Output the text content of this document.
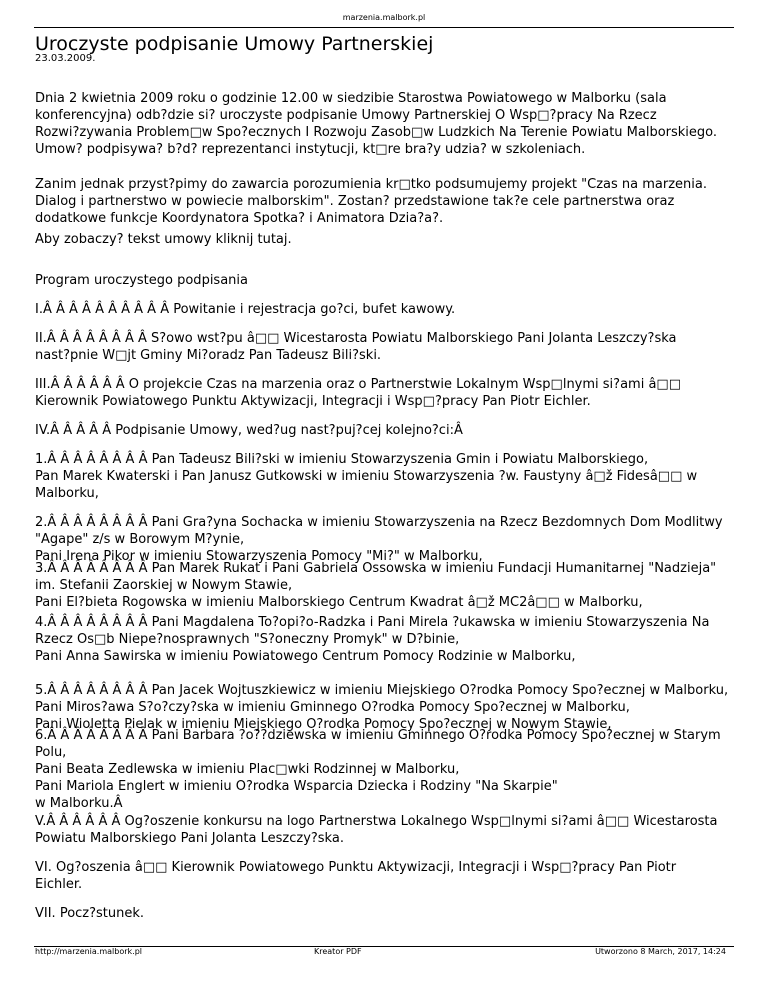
marzenia.malbork.pl
Uroczyste podpisanie Umowy Partnerskiej
23.03.2009.

Dnia 2 kwietnia 2009 roku o godzinie 12.00 w siedzibie Starostwa Powiatowego w Malborku (sala
konferencyjna) odb?dzie si? uroczyste podpisanie Umowy Partnerskiej O Wsp□?pracy Na Rzecz
Rozwi?zywania Problem□w Spo?ecznych I Rozwoju Zasob□w Ludzkich Na Terenie Powiatu Malborskiego.
Umow? podpisywa? b?d? reprezentanci instytucji, kt□re bra?y udzia? w szkoleniach.

Zanim jednak przyst?pimy do zawarcia porozumienia kr□tko podsumujemy projekt "Czas na marzenia.
Dialog i partnerstwo w powiecie malborskim". Zostan? przedstawione tak?e cele partnerstwa oraz
dodatkowe funkcje Koordynatora Spotka? i Animatora Dzia?a?.

Aby zobaczy? tekst umowy kliknij tutaj.

Program uroczystego podpisania

I.Â Â Â Â Â Â Â Â Â Â Powitanie i rejestracja go?ci, bufet kawowy.

II.Â Â Â Â Â Â Â Â S?owo wst?pu â□□ Wicestarosta Powiatu Malborskiego Pani Jolanta Leszczy?ska
nast?pnie W□jt Gminy Mi?oradz Pan Tadeusz Bili?ski.

III.Â Â Â Â Â Â O projekcie Czas na marzenia oraz o Partnerstwie Lokalnym Wsp□lnymi si?ami â□□
Kierownik Powiatowego Punktu Aktywizacji, Integracji i Wsp□?pracy Pan Piotr Eichler.

IV.Â Â Â Â Â Podpisanie Umowy, wed?ug nast?puj?cej kolejno?ci:Â

1.Â Â Â Â Â Â Â Â Pan Tadeusz Bili?ski w imieniu Stowarzyszenia Gmin i Powiatu Malborskiego,
Pan Marek Kwaterski i Pan Janusz Gutkowski w imieniu Stowarzyszenia ?w. Faustyny â□ž Fidesâ□□ w
Malborku,

2.Â Â Â Â Â Â Â Â Pani Gra?yna Sochacka w imieniu Stowarzyszenia na Rzecz Bezdomnych Dom Modlitwy
"Agape" z/s w Borowym M?ynie,
Pani Irena Pikor w imieniu Stowarzyszenia Pomocy "Mi?" w Malborku,

3.Â Â Â Â Â Â Â Â Pan Marek Rukat i Pani Gabriela Ossowska w imieniu Fundacji Humanitarnej "Nadzieja"
im. Stefanii Zaorskiej w Nowym Stawie,
Pani El?bieta Rogowska w imieniu Malborskiego Centrum Kwadrat â□ž MC2â□□ w Malborku,

4.Â Â Â Â Â Â Â Â Pani Magdalena To?opi?o-Radzka i Pani Mirela ?ukawska w imieniu Stowarzyszenia Na
Rzecz Os□b Niepe?nosprawnych "S?oneczny Promyk" w D?binie,
Pani Anna Sawirska w imieniu Powiatowego Centrum Pomocy Rodzinie w Malborku,

5.Â Â Â Â Â Â Â Â Pan Jacek Wojtuszkiewicz w imieniu Miejskiego O?rodka Pomocy Spo?ecznej w Malborku,
Pani Miros?awa S?o?czy?ska w imieniu Gminnego O?rodka Pomocy Spo?ecznej w Malborku,
Pani Wioletta Pielak w imieniu Miejskiego O?rodka Pomocy Spo?ecznej w Nowym Stawie,

6.Â Â Â Â Â Â Â Â Pani Barbara ?o??dziewska w imieniu Gminnego O?rodka Pomocy Spo?ecznej w Starym
Polu,
Pani Beata Zedlewska w imieniu Plac□wki Rodzinnej w Malborku,
Pani Mariola Englert w imieniu O?rodka Wsparcia Dziecka i Rodziny "Na Skarpie"
w Malborku.Â

V.Â Â Â Â Â Â Og?oszenie konkursu na logo Partnerstwa Lokalnego Wsp□lnymi si?ami â□□ Wicestarosta
Powiatu Malborskiego Pani Jolanta Leszczy?ska.

VI. Og?oszenia â□□ Kierownik Powiatowego Punktu Aktywizacji, Integracji i Wsp□?pracy Pan Piotr
Eichler.

VII. Pocz?stunek.

http://marzenia.malbork.pl	Kreator PDF	Utworzono 8 March, 2017, 14:24
